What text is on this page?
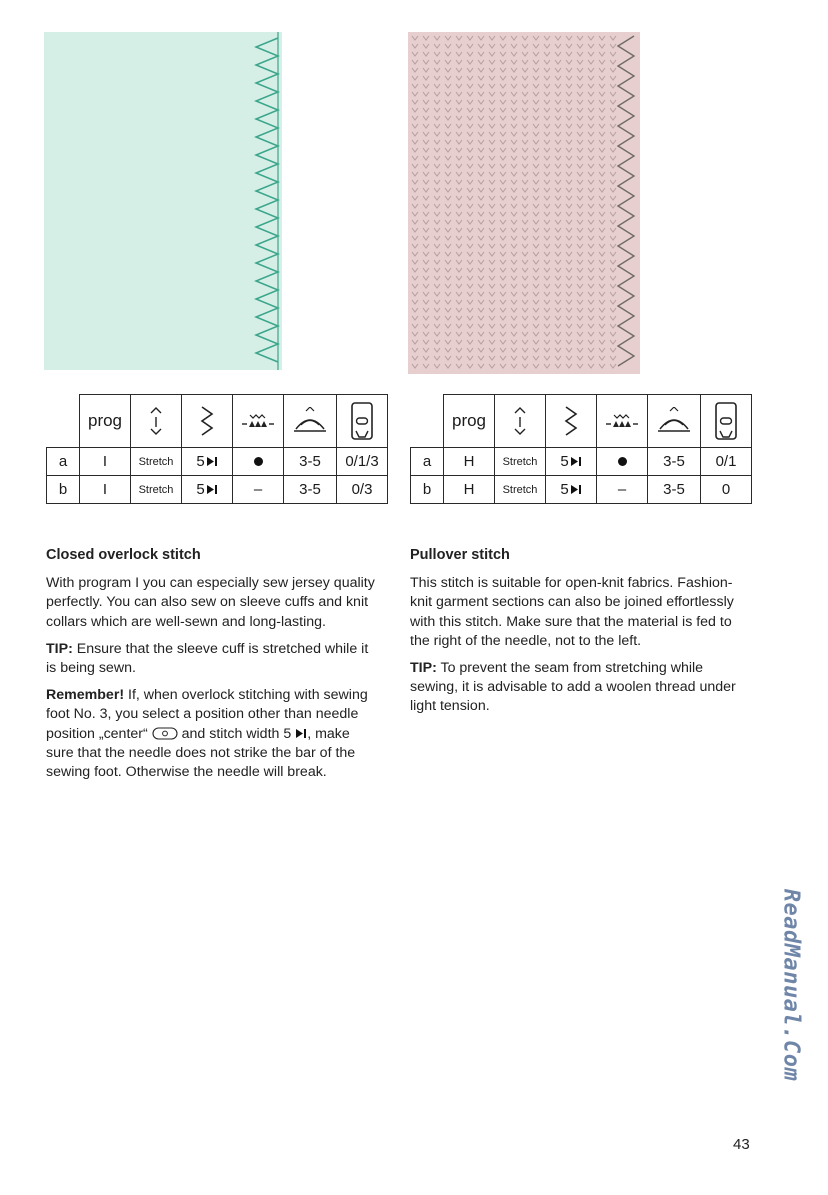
	prog	

a	I	Stretch	5		3-5	0/1/3
b	I	Stretch	5	–	3-5	0/3
	prog	

a	H	Stretch	5		3-5	0/1
b	H	Stretch	5	–	3-5	0
Closed overlock stitch

With program I you can especially sew jersey quality perfectly. You can also sew on sleeve cuffs and knit collars which are well-sewn and long-lasting.

TIP: Ensure that the sleeve cuff is stretched while it is being sewn.

Remember! If, when overlock stitching with sewing foot No. 3, you select a position other than needle position „center“  and stitch width 5 , make sure that the needle does not strike the bar of the sewing foot. Otherwise the needle will break.

Pullover stitch

This stitch is suitable for open-knit fabrics. Fashion-knit garment sections can also be joined effortlessly with this stitch. Make sure that the material is fed to the right of the needle, not to the left.

TIP: To prevent the seam from stretching while sewing, it is advisable to add a woolen thread under light tension.

ReadManual.Com
43
